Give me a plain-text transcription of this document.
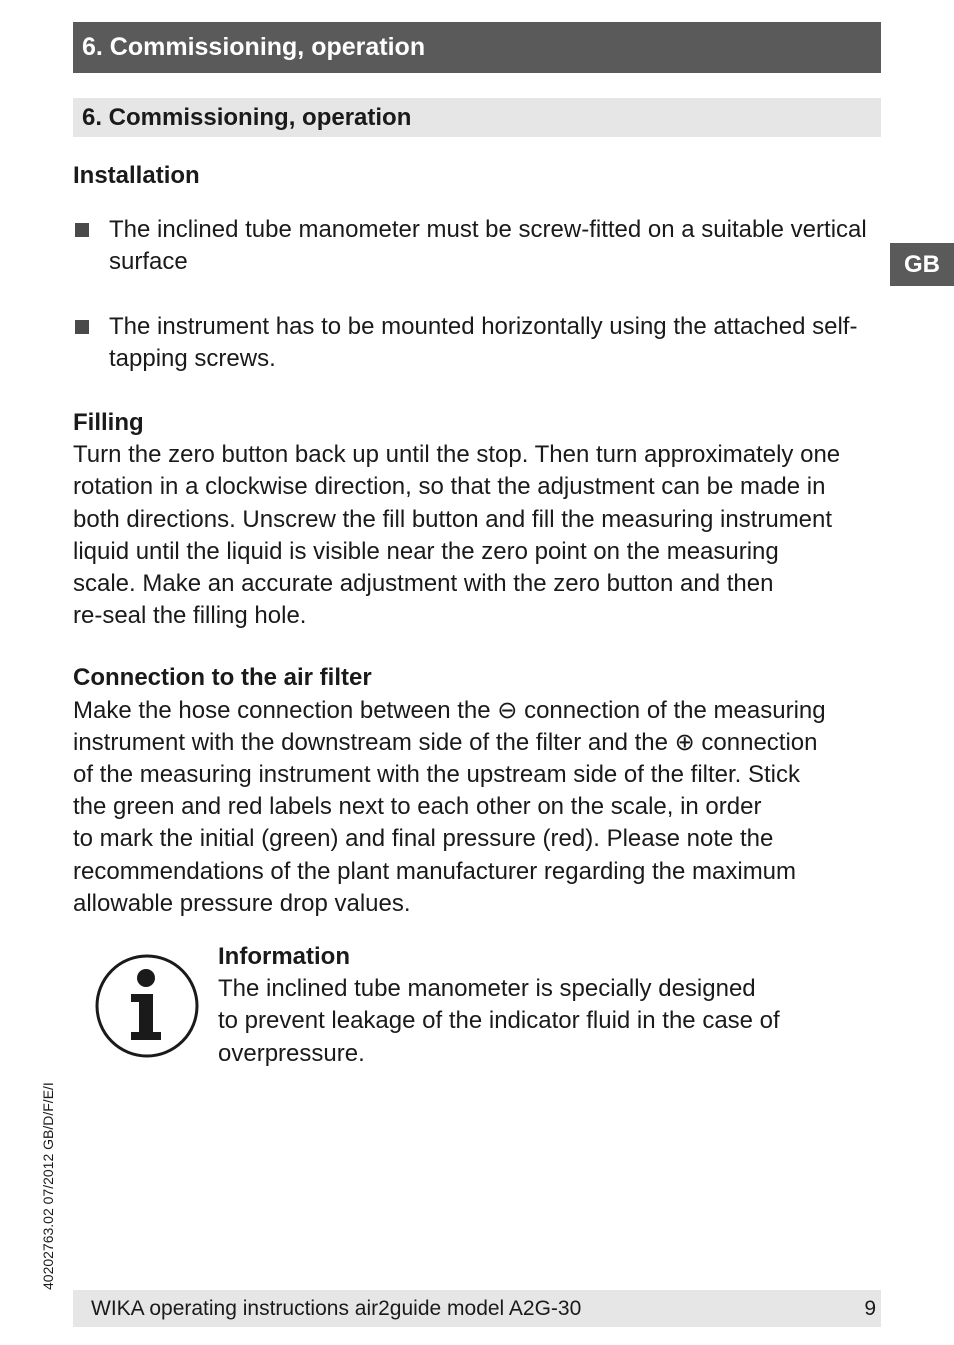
6. Commissioning, operation
6. Commissioning, operation
GB

Installation

The inclined tube manometer must be screw-fitted on a suitable vertical surface
The instrument has to be mounted horizontally using the attached self-tapping screws.

Filling

Turn the zero button back up until the stop. Then turn approximately one

rotation in a clockwise direction, so that the adjustment can be made in

both directions. Unscrew the fill button and fill the measuring instrument

liquid until the liquid is visible near the zero point on the measuring

scale. Make an accurate adjustment with the zero button and then

re-seal the filling hole.

Connection to the air filter

Make the hose connection between the ⊖ connection of the measuring

instrument with the downstream side of the filter and the ⊕ connection

of the measuring instrument with the upstream side of the filter. Stick

the green and red labels next to each other on the scale, in order

to mark the initial (green) and final pressure (red). Please note the

recommendations of the plant manufacturer regarding the maximum

allowable pressure drop values.

Information

The inclined tube manometer is specially designed

to prevent leakage of the indicator fluid in the case of

overpressure.

40202763.02 07/2012 GB/D/F/E/I
WIKA operating instructions air2guide model A2G-30	9
